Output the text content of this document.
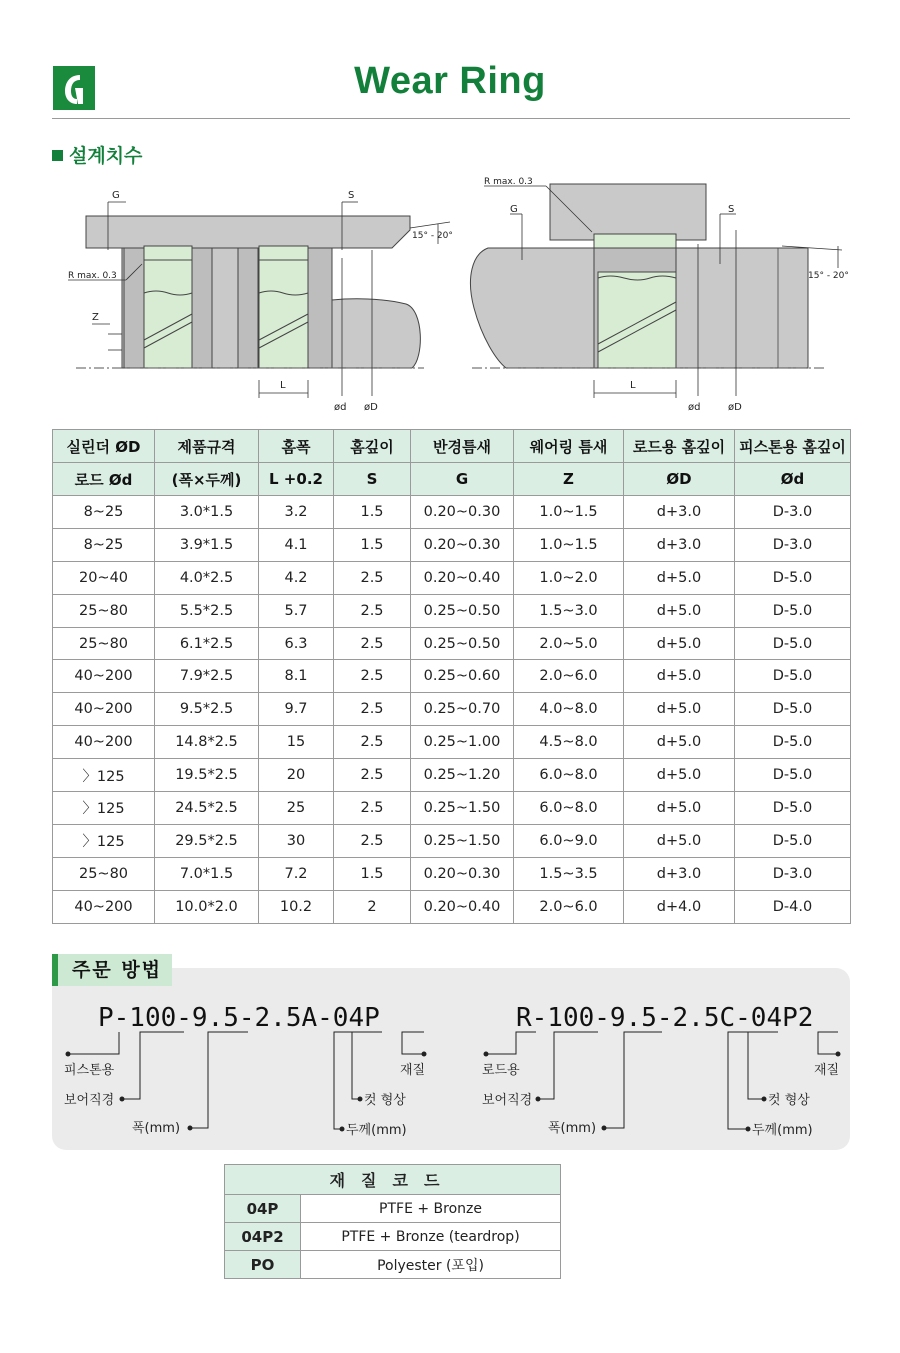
Wear Ring
설계치수
G	S
R max. 0.3
15° - 20°
Z
L
ød øD
R max. 0.3
G	S
15° - 20°
L
ød	øD
실린더 ØD	제품규격	홈폭	홈깊이	반경틈새	웨어링 틈새	로드용 홈깊이	피스톤용 홈깊이
로드 Ød	(폭×두께)	L +0.2	S	G	Z	ØD	Ød
8~25	3.0*1.5	3.2	1.5	0.20~0.30	1.0~1.5	d+3.0	D-3.0
8~25	3.9*1.5	4.1	1.5	0.20~0.30	1.0~1.5	d+3.0	D-3.0
20~40	4.0*2.5	4.2	2.5	0.20~0.40	1.0~2.0	d+5.0	D-5.0
25~80	5.5*2.5	5.7	2.5	0.25~0.50	1.5~3.0	d+5.0	D-5.0
25~80	6.1*2.5	6.3	2.5	0.25~0.50	2.0~5.0	d+5.0	D-5.0
40~200	7.9*2.5	8.1	2.5	0.25~0.60	2.0~6.0	d+5.0	D-5.0
40~200	9.5*2.5	9.7	2.5	0.25~0.70	4.0~8.0	d+5.0	D-5.0
40~200	14.8*2.5	15	2.5	0.25~1.00	4.5~8.0	d+5.0	D-5.0
〉125	19.5*2.5	20	2.5	0.25~1.20	6.0~8.0	d+5.0	D-5.0
〉125	24.5*2.5	25	2.5	0.25~1.50	6.0~8.0	d+5.0	D-5.0
〉125	29.5*2.5	30	2.5	0.25~1.50	6.0~9.0	d+5.0	D-5.0
25~80	7.0*1.5	7.2	1.5	0.20~0.30	1.5~3.5	d+3.0	D-3.0
40~200	10.0*2.0	10.2	2	0.20~0.40	2.0~6.0	d+4.0	D-4.0
주문 방법
P-100-9.5-2.5A-04P	R-100-9.5-2.5C-04P2
피스톤용
보어직경
폭(mm)
재질
컷 형상
두께(mm)
로드용
보어직경
폭(mm)
재질
컷 형상
두께(mm)
재질코드	
04P	PTFE + Bronze
04P2	PTFE + Bronze (teardrop)
PO	Polyester (포입)
